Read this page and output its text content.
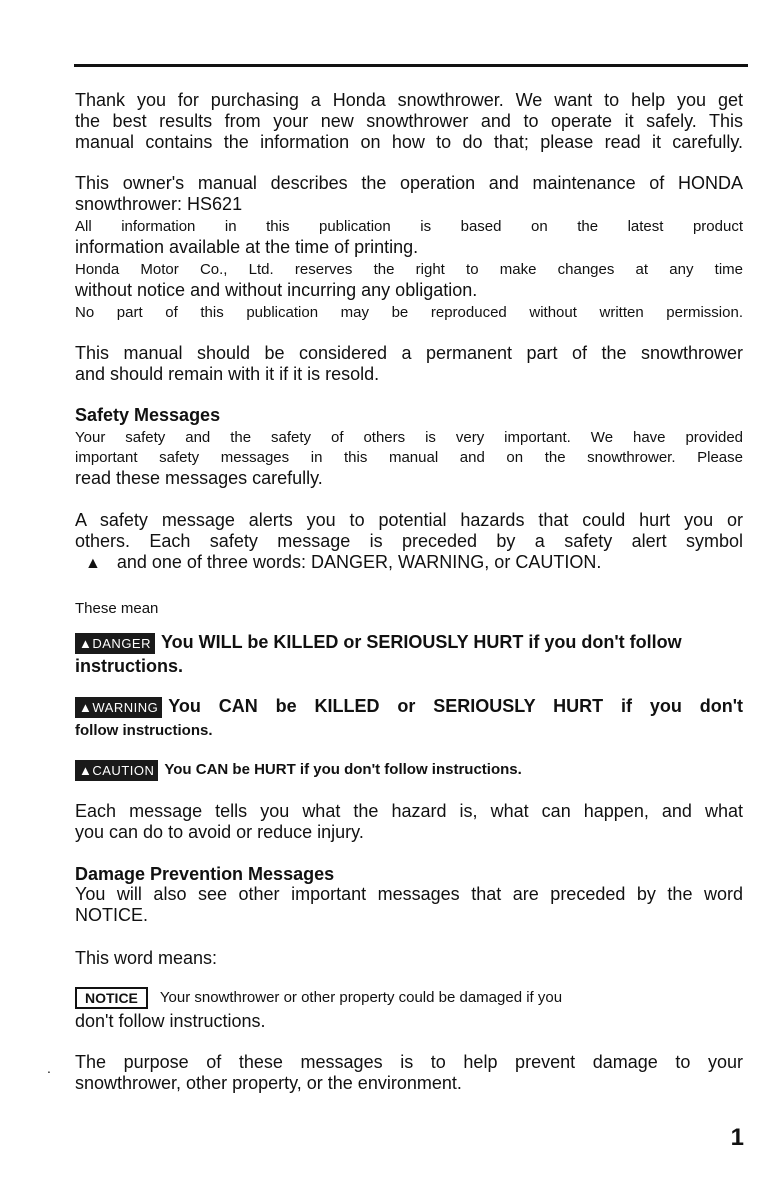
Thank you for purchasing a Honda snowthrower. We want to help you get
the best results from your new snowthrower and to operate it safely. This
manual contains the information on how to do that; please read it carefully.
This owner's manual describes the operation and maintenance of HONDA
snowthrower: HS621
All information in this publication is based on the latest product
information available at the time of printing.
Honda Motor Co., Ltd. reserves the right to make changes at any time
without notice and without incurring any obligation.
No part of this publication may be reproduced without written permission.
This manual should be considered a permanent part of the snowthrower
and should remain with it if it is resold.
Safety Messages
Your safety and the safety of others is very important. We have provided
important safety messages in this manual and on the snowthrower. Please
read these messages carefully.
A safety message alerts you to potential hazards that could hurt you or
others. Each safety message is preceded by a safety alert symbol
▲ and one of three words: DANGER, WARNING, or CAUTION.
These mean
▲DANGER You WILL be KILLED or SERIOUSLY HURT if you don't follow
instructions.
▲WARNING You CAN be KILLED or SERIOUSLY HURT if you don't
follow instructions.
▲CAUTION You CAN be HURT if you don't follow instructions.
Each message tells you what the hazard is, what can happen, and what
you can do to avoid or reduce injury.
Damage Prevention Messages
You will also see other important messages that are preceded by the word
NOTICE.
This word means:
NOTICE Your snowthrower or other property could be damaged if you
don't follow instructions.
. The purpose of these messages is to help prevent damage to your
snowthrower, other property, or the environment.
1
